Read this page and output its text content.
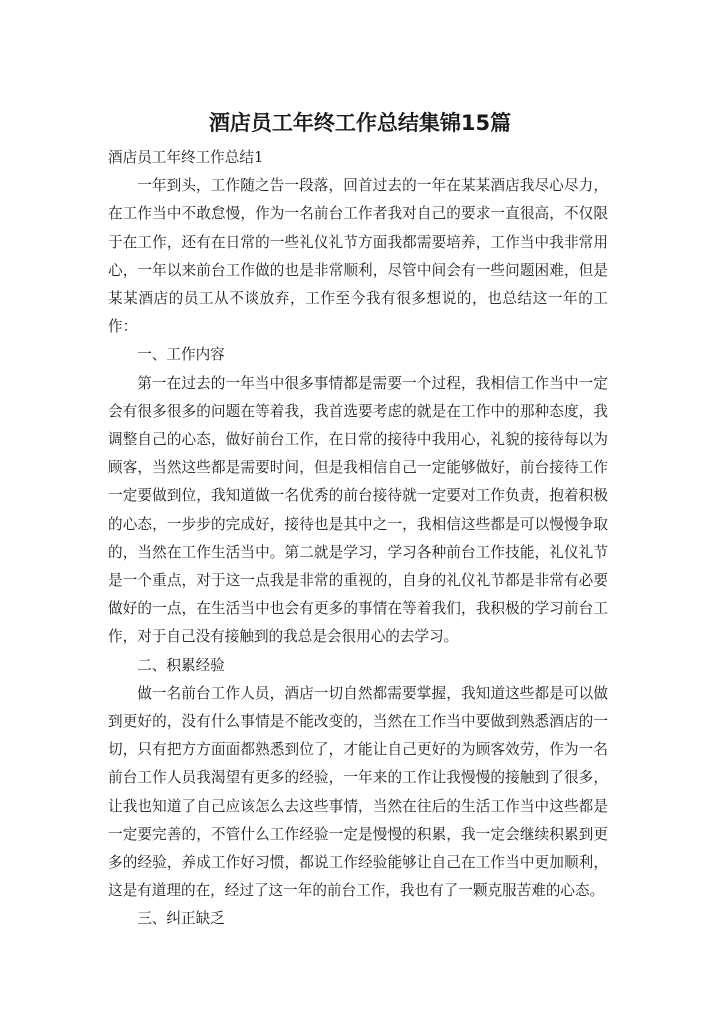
酒店员工年终工作总结集锦15篇

酒店员工年终工作总结1

一年到头，工作随之告一段落，回首过去的一年在某某酒店我尽心尽力，在工作当中不敢怠慢，作为一名前台工作者我对自己的要求一直很高，不仅限于在工作，还有在日常的一些礼仪礼节方面我都需要培养，工作当中我非常用心，一年以来前台工作做的也是非常顺利，尽管中间会有一些问题困难，但是某某酒店的员工从不谈放弃，工作至今我有很多想说的，也总结这一年的工作：

一、工作内容

第一在过去的一年当中很多事情都是需要一个过程，我相信工作当中一定会有很多很多的问题在等着我，我首选要考虑的就是在工作中的那种态度，我调整自己的心态，做好前台工作，在日常的接待中我用心，礼貌的接待每以为顾客，当然这些都是需要时间，但是我相信自己一定能够做好，前台接待工作一定要做到位，我知道做一名优秀的前台接待就一定要对工作负责，抱着积极的心态，一步步的完成好，接待也是其中之一，我相信这些都是可以慢慢争取的，当然在工作生活当中。第二就是学习，学习各种前台工作技能，礼仪礼节是一个重点，对于这一点我是非常的重视的，自身的礼仪礼节都是非常有必要做好的一点，在生活当中也会有更多的事情在等着我们，我积极的学习前台工作，对于自己没有接触到的我总是会很用心的去学习。

二、积累经验

做一名前台工作人员，酒店一切自然都需要掌握，我知道这些都是可以做到更好的，没有什么事情是不能改变的，当然在工作当中要做到熟悉酒店的一切，只有把方方面面都熟悉到位了，才能让自己更好的为顾客效劳，作为一名前台工作人员我渴望有更多的经验，一年来的工作让我慢慢的接触到了很多，让我也知道了自己应该怎么去这些事情，当然在往后的生活工作当中这些都是一定要完善的，不管什么工作经验一定是慢慢的积累，我一定会继续积累到更多的经验，养成工作好习惯，都说工作经验能够让自己在工作当中更加顺利，这是有道理的在，经过了这一年的前台工作，我也有了一颗克服苦难的心态。

三、纠正缺乏
